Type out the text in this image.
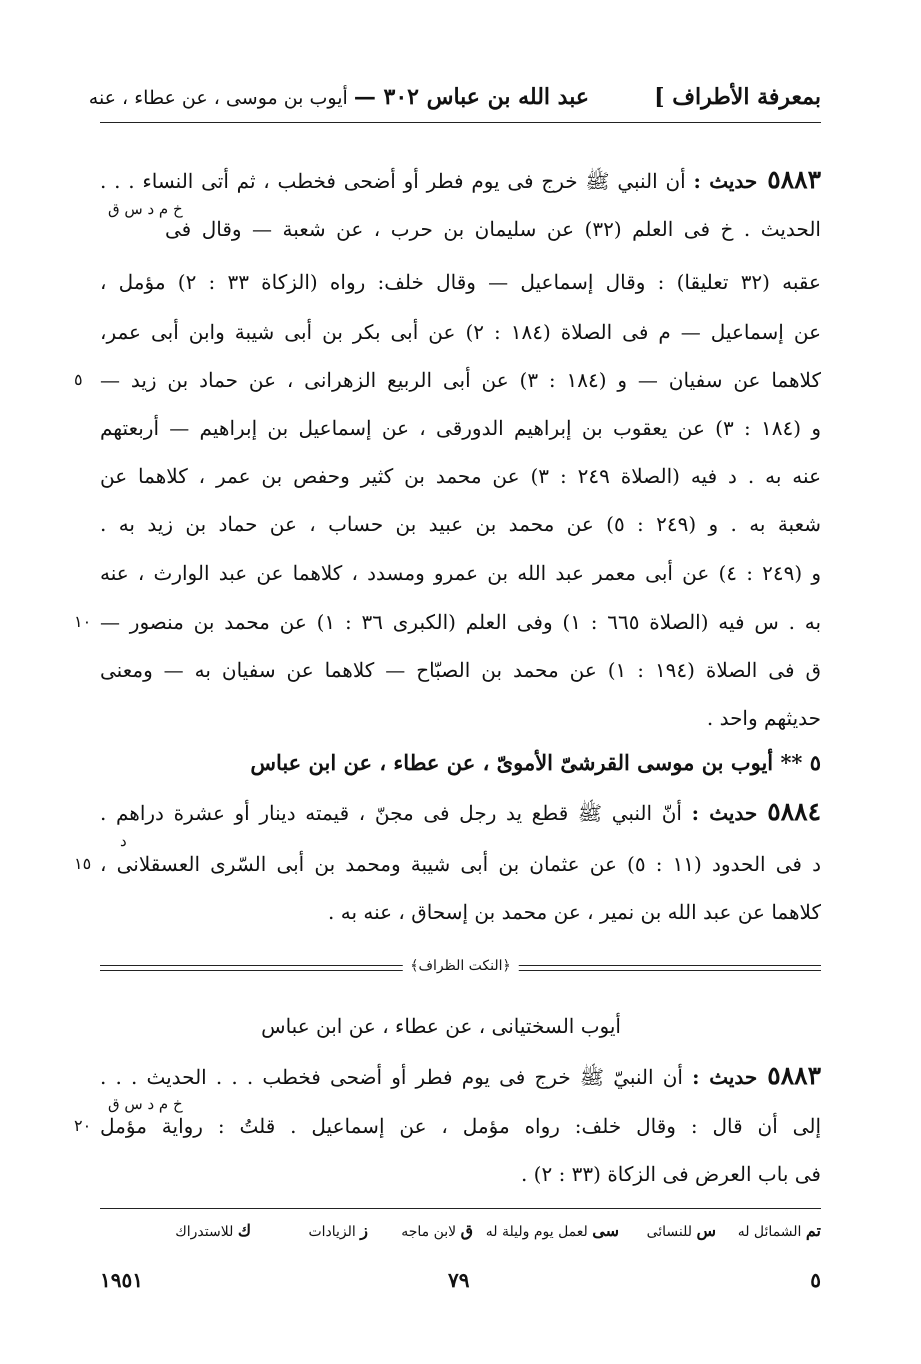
بمعرفة الأطراف ]
عبد الله بن عباس ٣٠٢ — أيوب بن موسى ، عن عطاء ، عنه
٥٨٨٣حديث : أن النبي ﷺ خرج فى يوم فطر أو أضحى فخطب ، ثم أتى النساء . . .
خ م د س ق
الحديث . خ فى العلم (٣٢) عن سليمان بن حرب ، عن شعبة — وقال فى
عقبه (٣٢ تعليقا) : وقال إسماعيل — وقال خلف: رواه (الزكاة ٣٣ : ٢) مؤمل ،
عن إسماعيل — م فى الصلاة (١٨٤ : ٢) عن أبى بكر بن أبى شيبة وابن أبى عمر،
كلاهما عن سفيان — و (١٨٤ : ٣) عن أبى الربيع الزهرانى ، عن حماد بن زيد —
و (١٨٤ : ٣) عن يعقوب بن إبراهيم الدورقى ، عن إسماعيل بن إبراهيم — أربعتهم
عنه به . د فيه (الصلاة ٢٤٩ : ٣) عن محمد بن كثير وحفص بن عمر ، كلاهما عن
شعبة به . و (٢٤٩ : ٥) عن محمد بن عبيد بن حساب ، عن حماد بن زيد به .
و (٢٤٩ : ٤) عن أبى معمر عبد الله بن عمرو ومسدد ، كلاهما عن عبد الوارث ، عنه
به . س فيه (الصلاة ٦٦٥ : ١) وفى العلم (الكبرى ٣٦ : ١) عن محمد بن منصور —
ق فى الصلاة (١٩٤ : ١) عن محمد بن الصبّاح — كلاهما عن سفيان به — ومعنى
حديثهم واحد .
٥ ** أيوب بن موسى القرشىّ الأموىّ ، عن عطاء ، عن ابن عباس
٥٨٨٤حديث : أنّ النبي ﷺ قطع يد رجل فى مجنّ ، قيمته دينار أو عشرة دراهم .
د
د فى الحدود (١١ : ٥) عن عثمان بن أبى شيبة ومحمد بن أبى السّرى العسقلانى ،
كلاهما عن عبد الله بن نمير ، عن محمد بن إسحاق ، عنه به .
﴿النكت الظراف﴾
أيوب السختيانى ، عن عطاء ، عن ابن عباس
٥٨٨٣حديث : أن النبيّ ﷺ خرج فى يوم فطر أو أضحى فخطب . . . الحديث . . .
خ م د س ق
إلى أن قال : وقال خلف: رواه مؤمل ، عن إسماعيل . قلتُ : رواية مؤمل
فى باب العرض فى الزكاة (٣٣ : ٢) .
٥
١٠
١٥
٢٠
تم الشمائل له
س للنسائى
سى لعمل يوم وليلة له
ق لابن ماجه
ز الزيادات
ك للاستدراك
٥
٧٩
١٩٥١
